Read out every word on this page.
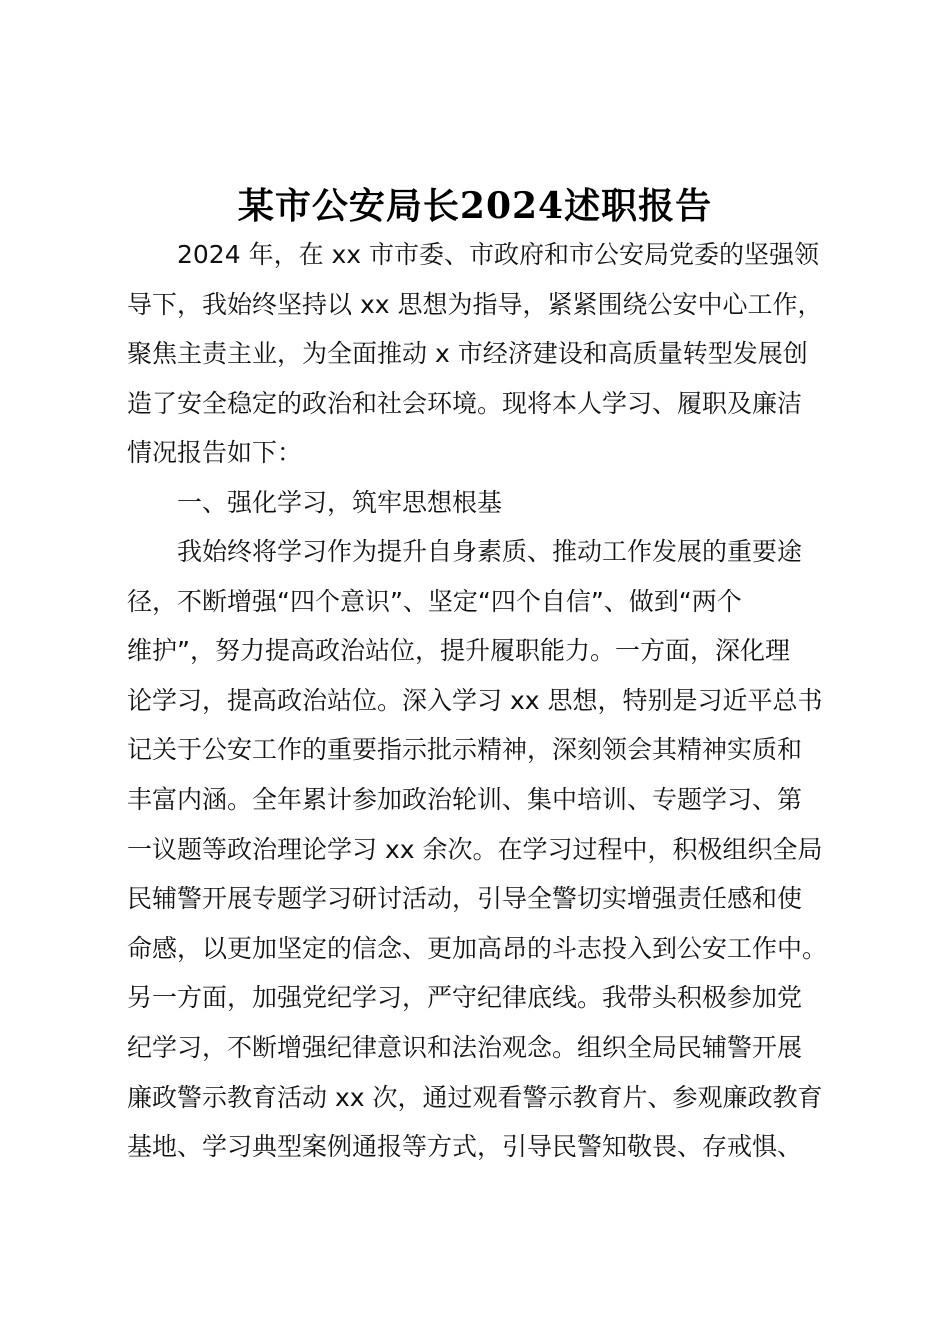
某市公安局长2024述职报告
2024 年，在 xx 市市委、市政府和市公安局党委的坚强领
导下，我始终坚持以 xx 思想为指导，紧紧围绕公安中心工作，
聚焦主责主业，为全面推动 x 市经济建设和高质量转型发展创
造了安全稳定的政治和社会环境。现将本人学习、履职及廉洁
情况报告如下：
一、强化学习，筑牢思想根基
我始终将学习作为提升自身素质、推动工作发展的重要途
径，不断增强“四个意识”、坚定“四个自信”、做到“两个
维护”，努力提高政治站位，提升履职能力。一方面，深化理
论学习，提高政治站位。深入学习 xx 思想，特别是习近平总书
记关于公安工作的重要指示批示精神，深刻领会其精神实质和
丰富内涵。全年累计参加政治轮训、集中培训、专题学习、第
一议题等政治理论学习 xx 余次。在学习过程中，积极组织全局
民辅警开展专题学习研讨活动，引导全警切实增强责任感和使
命感，以更加坚定的信念、更加高昂的斗志投入到公安工作中。
另一方面，加强党纪学习，严守纪律底线。我带头积极参加党
纪学习，不断增强纪律意识和法治观念。组织全局民辅警开展
廉政警示教育活动 xx 次，通过观看警示教育片、参观廉政教育
基地、学习典型案例通报等方式，引导民警知敬畏、存戒惧、
